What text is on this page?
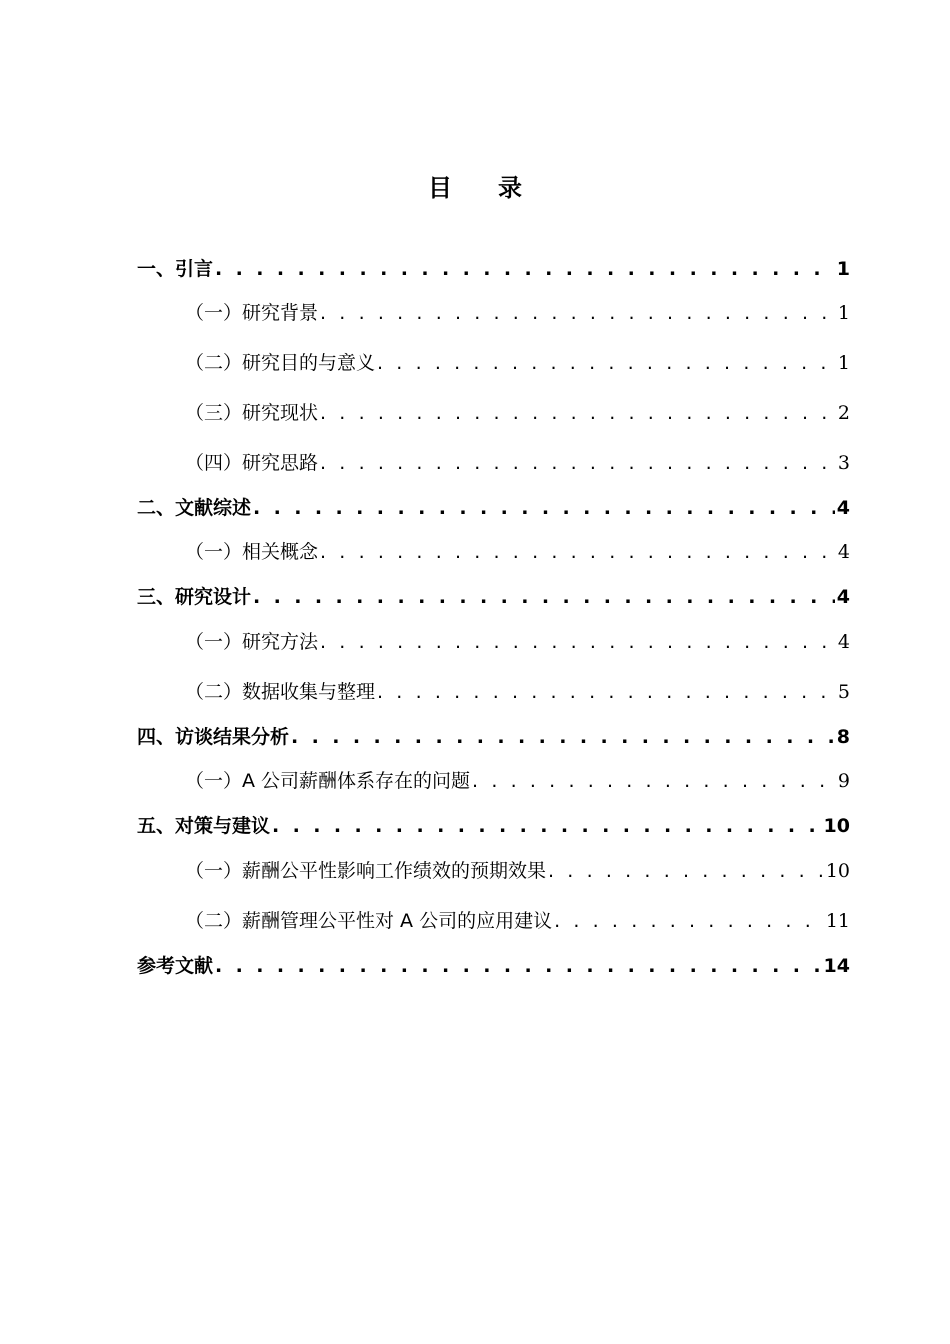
目 录
一、引言 . . .	1
（一）研究背景 . . .	1
（二）研究目的与意义 . . .	1
（三）研究现状 . . .	2
（四）研究思路 . . .	3
二、文献综述 . . .	4
（一）相关概念 . . .	4
三、研究设计 . . .	4
（一）研究方法 . . .	4
（二）数据收集与整理 . . .	5
四、访谈结果分析 . . .	8
（一）A 公司薪酬体系存在的问题 . . .	9
五、对策与建议 . . .	10
（一）薪酬公平性影响工作绩效的预期效果 . . .	10
（二）薪酬管理公平性对 A 公司的应用建议 . . .	11
参考文献 . . .	14
